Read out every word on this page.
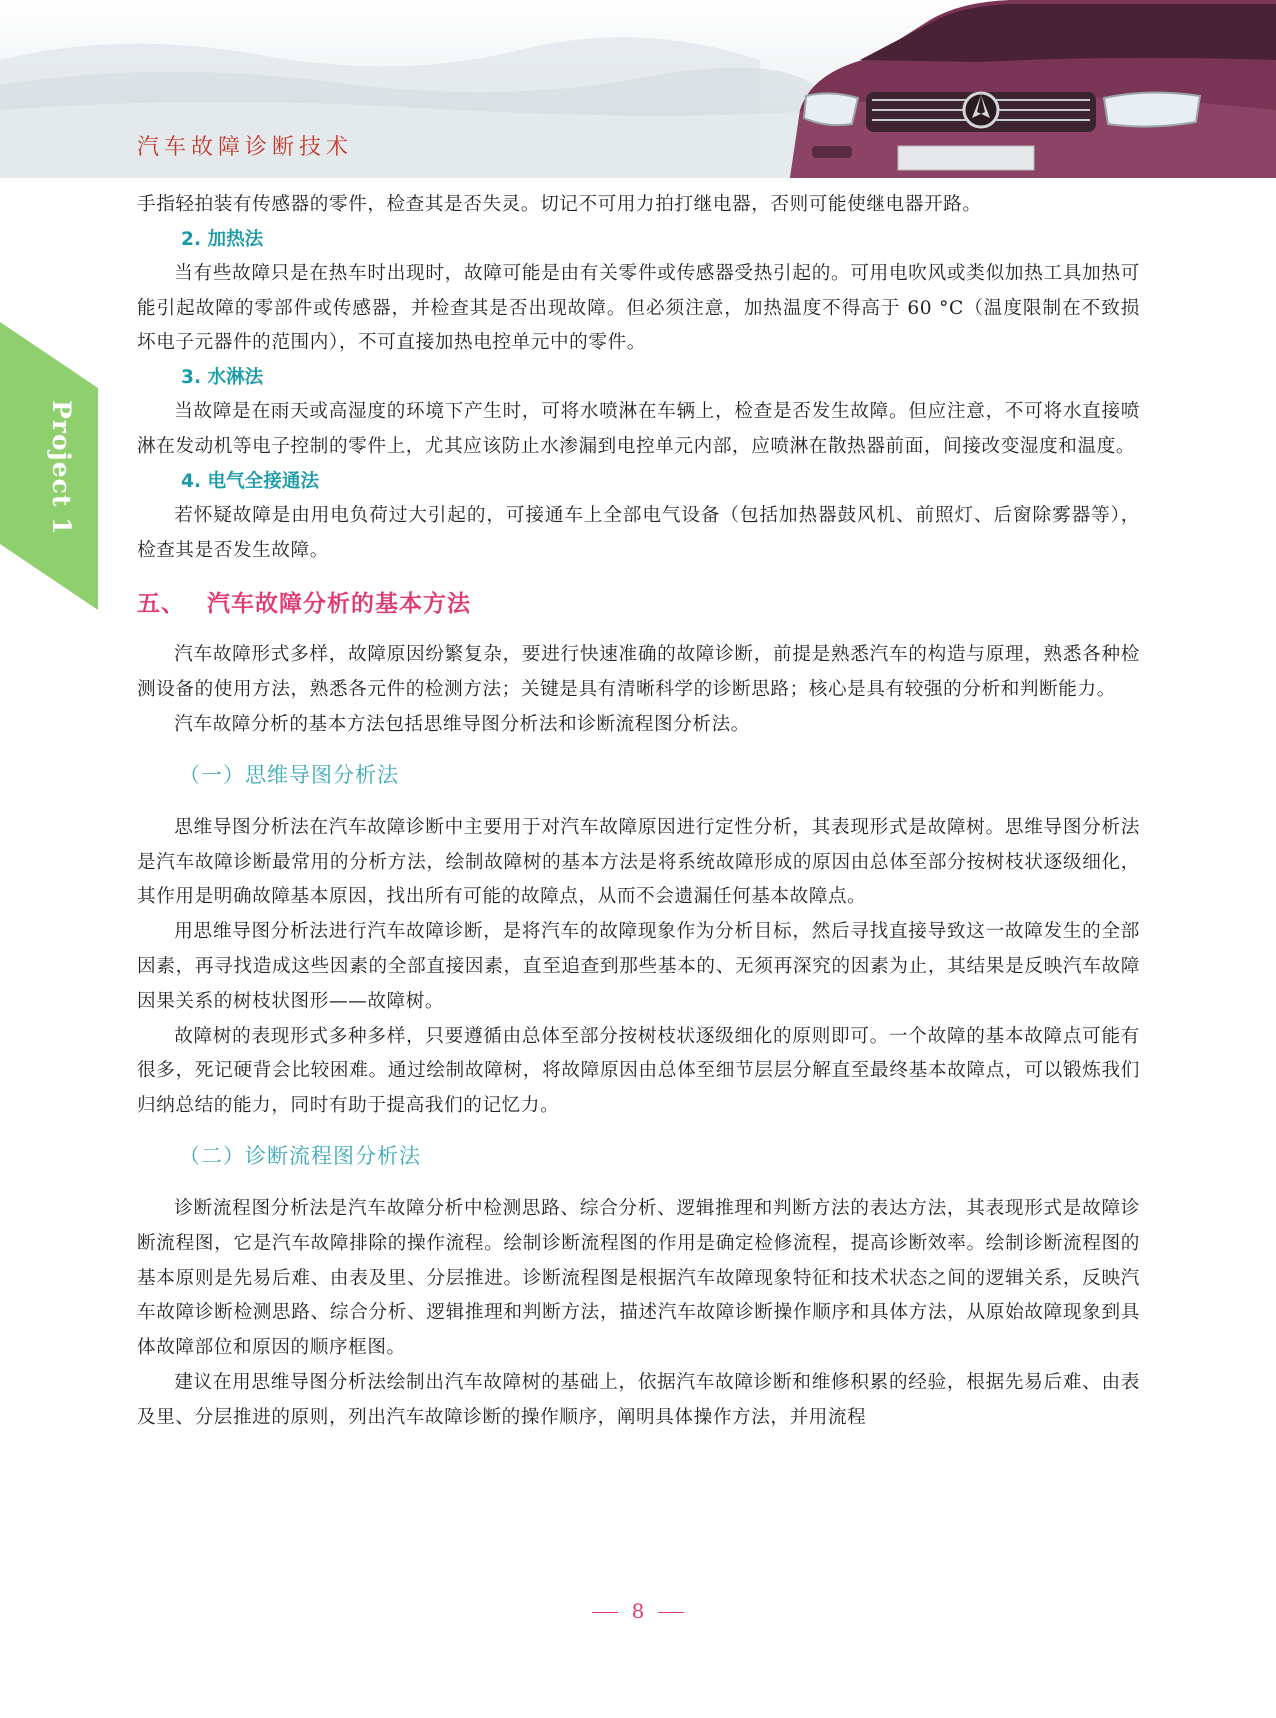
汽车故障诊断技术
Project 1

手指轻拍装有传感器的零件，检查其是否失灵。切记不可用力拍打继电器，否则可能使继电器开路。

2. 加热法

当有些故障只是在热车时出现时，故障可能是由有关零件或传感器受热引起的。可用电吹风或类似加热工具加热可能引起故障的零部件或传感器，并检查其是否出现故障。但必须注意，加热温度不得高于 60 °C（温度限制在不致损坏电子元器件的范围内），不可直接加热电控单元中的零件。

3. 水淋法

当故障是在雨天或高湿度的环境下产生时，可将水喷淋在车辆上，检查是否发生故障。但应注意，不可将水直接喷淋在发动机等电子控制的零件上，尤其应该防止水渗漏到电控单元内部，应喷淋在散热器前面，间接改变湿度和温度。

4. 电气全接通法

若怀疑故障是由用电负荷过大引起的，可接通车上全部电气设备（包括加热器鼓风机、前照灯、后窗除雾器等），检查其是否发生故障。

五、 汽车故障分析的基本方法

汽车故障形式多样，故障原因纷繁复杂，要进行快速准确的故障诊断，前提是熟悉汽车的构造与原理，熟悉各种检测设备的使用方法，熟悉各元件的检测方法；关键是具有清晰科学的诊断思路；核心是具有较强的分析和判断能力。

汽车故障分析的基本方法包括思维导图分析法和诊断流程图分析法。

（一）思维导图分析法

思维导图分析法在汽车故障诊断中主要用于对汽车故障原因进行定性分析，其表现形式是故障树。思维导图分析法是汽车故障诊断最常用的分析方法，绘制故障树的基本方法是将系统故障形成的原因由总体至部分按树枝状逐级细化，其作用是明确故障基本原因，找出所有可能的故障点，从而不会遗漏任何基本故障点。

用思维导图分析法进行汽车故障诊断，是将汽车的故障现象作为分析目标，然后寻找直接导致这一故障发生的全部因素，再寻找造成这些因素的全部直接因素，直至追查到那些基本的、无须再深究的因素为止，其结果是反映汽车故障因果关系的树枝状图形——故障树。

故障树的表现形式多种多样，只要遵循由总体至部分按树枝状逐级细化的原则即可。一个故障的基本故障点可能有很多，死记硬背会比较困难。通过绘制故障树，将故障原因由总体至细节层层分解直至最终基本故障点，可以锻炼我们归纳总结的能力，同时有助于提高我们的记忆力。

（二）诊断流程图分析法

诊断流程图分析法是汽车故障分析中检测思路、综合分析、逻辑推理和判断方法的表达方法，其表现形式是故障诊断流程图，它是汽车故障排除的操作流程。绘制诊断流程图的作用是确定检修流程，提高诊断效率。绘制诊断流程图的基本原则是先易后难、由表及里、分层推进。诊断流程图是根据汽车故障现象特征和技术状态之间的逻辑关系，反映汽车故障诊断检测思路、综合分析、逻辑推理和判断方法，描述汽车故障诊断操作顺序和具体方法，从原始故障现象到具体故障部位和原因的顺序框图。

建议在用思维导图分析法绘制出汽车故障树的基础上，依据汽车故障诊断和维修积累的经验，根据先易后难、由表及里、分层推进的原则，列出汽车故障诊断的操作顺序，阐明具体操作方法，并用流程

8
